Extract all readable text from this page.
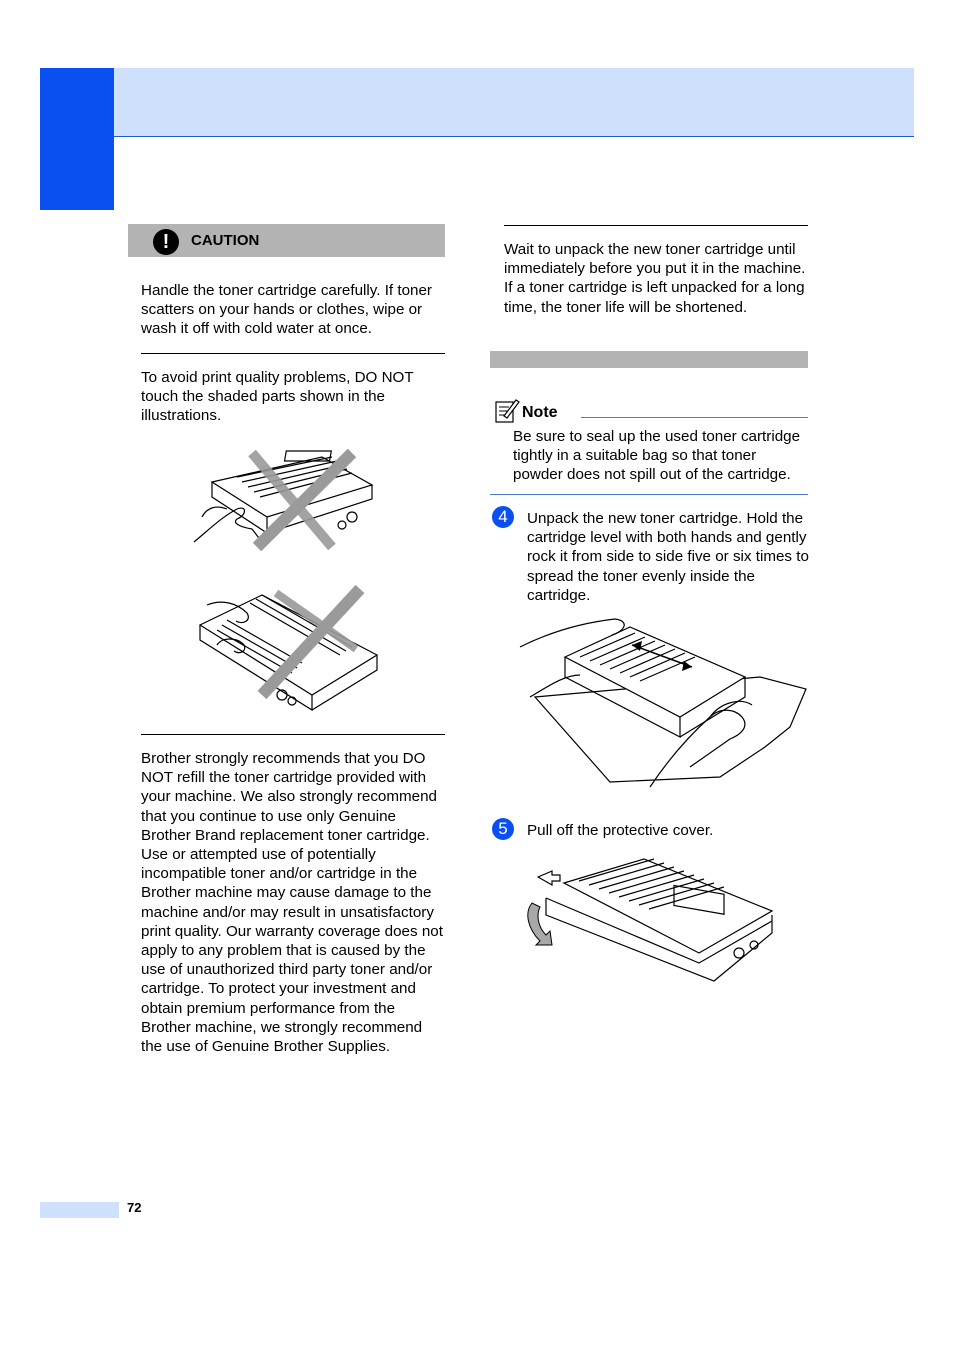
!	CAUTION

Handle the toner cartridge carefully. If toner scatters on your hands or clothes, wipe or wash it off with cold water at once.

To avoid print quality problems, DO NOT touch the shaded parts shown in the illustrations.

Brother strongly recommends that you DO NOT refill the toner cartridge provided with your machine. We also strongly recommend that you continue to use only Genuine Brother Brand replacement toner cartridge. Use or attempted use of potentially incompatible toner and/or cartridge in the Brother machine may cause damage to the machine and/or may result in unsatisfactory print quality. Our warranty coverage does not apply to any problem that is caused by the use of unauthorized third party toner and/or cartridge. To protect your investment and obtain premium performance from the Brother machine, we strongly recommend the use of Genuine Brother Supplies.

Wait to unpack the new toner cartridge until immediately before you put it in the machine. If a toner cartridge is left unpacked for a long time, the toner life will be shortened.

Note

Be sure to seal up the used toner cartridge tightly in a suitable bag so that toner powder does not spill out of the cartridge.

4	Unpack the new toner cartridge. Hold the cartridge level with both hands and gently rock it from side to side five or six times to spread the toner evenly inside the cartridge.

5	Pull off the protective cover.

72
